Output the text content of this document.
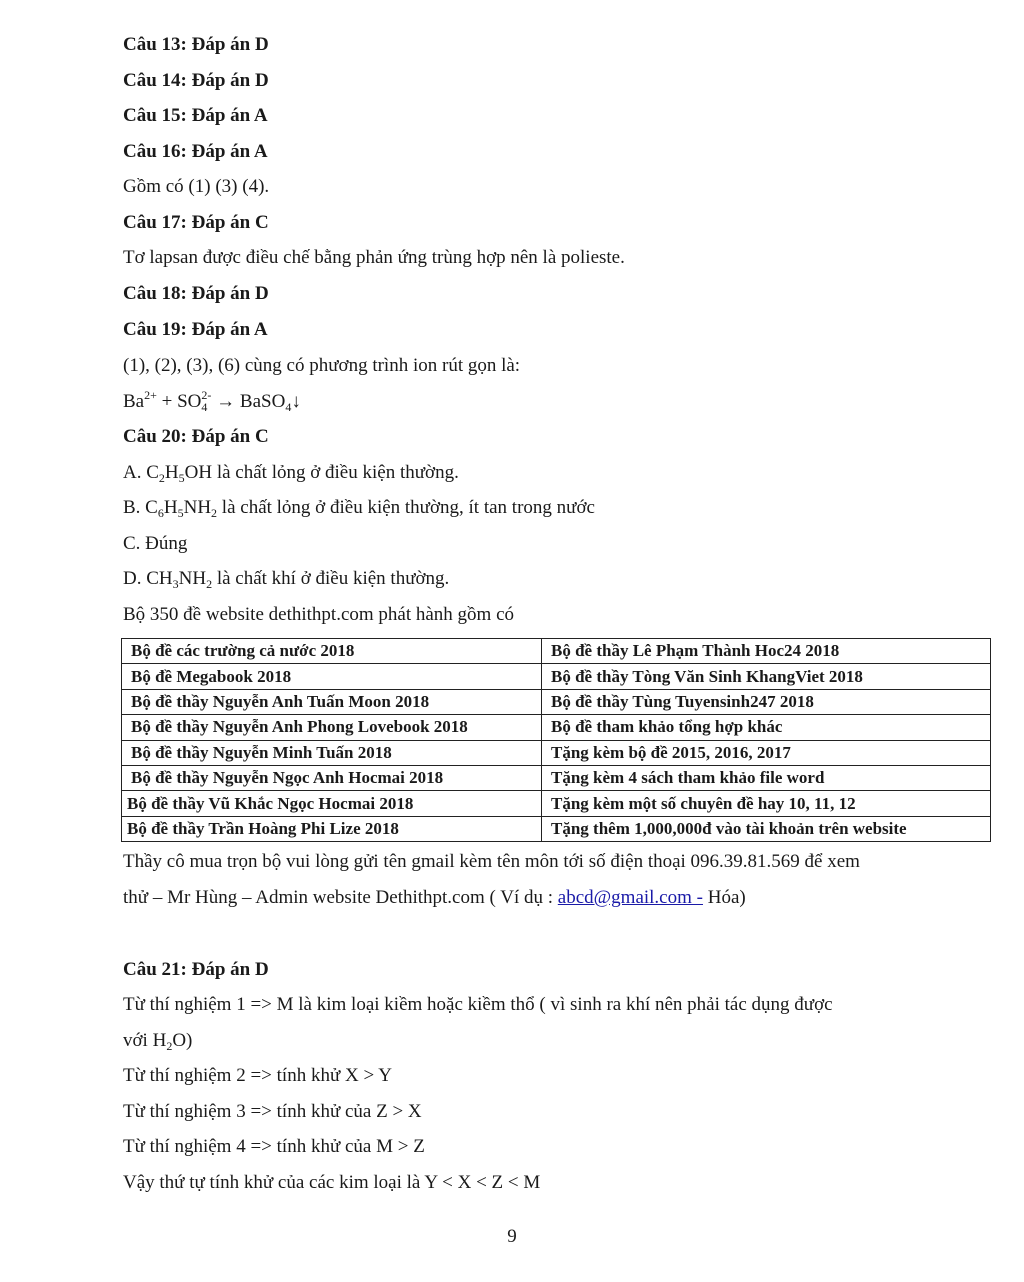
Câu 13: Đáp án D
Câu 14: Đáp án D
Câu 15: Đáp án A
Câu 16: Đáp án A
Gồm có (1) (3) (4).
Câu 17: Đáp án C
Tơ lapsan được điều chế bằng phản ứng trùng hợp nên là polieste.
Câu 18: Đáp án D
Câu 19: Đáp án A
(1), (2), (3), (6) cùng có phương trình ion rút gọn là:
$Ba^{2+} + SO_4^{2-}$ → BaSO$_4$↓
Câu 20: Đáp án C
A. $C_2H_5OH$ là chất lỏng ở điều kiện thường.
B. $C_6H_5NH_2$ là chất lỏng ở điều kiện thường, ít tan trong nước
C. Đúng
D. $CH_3NH_2$ là chất khí ở điều kiện thường.
Bộ 350 đề website dethithpt.com phát hành gồm có
Bộ đề các trường cả nước 2018	Bộ đề thầy Lê Phạm Thành Hoc24 2018
Bộ đề Megabook 2018	Bộ đề thầy Tòng Văn Sinh KhangViet 2018
Bộ đề thầy Nguyễn Anh Tuấn Moon 2018	Bộ đề thầy Tùng Tuyensinh247 2018
Bộ đề thầy Nguyễn Anh Phong Lovebook 2018	Bộ đề tham khảo tổng hợp khác
Bộ đề thầy Nguyễn Minh Tuấn 2018	Tặng kèm bộ đề 2015, 2016, 2017
Bộ đề thầy Nguyễn Ngọc Anh Hocmai 2018	Tặng kèm 4 sách tham khảo file word
Bộ đề thầy Vũ Khắc Ngọc Hocmai 2018	Tặng kèm một số chuyên đề hay 10, 11, 12
Bộ đề thầy Trần Hoàng Phi Lize 2018	Tặng thêm 1,000,000đ vào tài khoản trên website
Thầy cô mua trọn bộ vui lòng gửi tên gmail kèm tên môn tới số điện thoại 096.39.81.569 để xem
thử – Mr Hùng – Admin website Dethithpt.com ( Ví dụ : abcd@gmail.com - Hóa)
Câu 21: Đáp án D
Từ thí nghiệm 1 => M là kim loại kiềm hoặc kiềm thổ ( vì sinh ra khí nên phải tác dụng được
với $H_2O$)
Từ thí nghiệm 2 => tính khử X > Y
Từ thí nghiệm 3 => tính khử của Z > X
Từ thí nghiệm 4 => tính khử của M > Z
Vậy thứ tự tính khử của các kim loại là Y < X < Z < M
9
